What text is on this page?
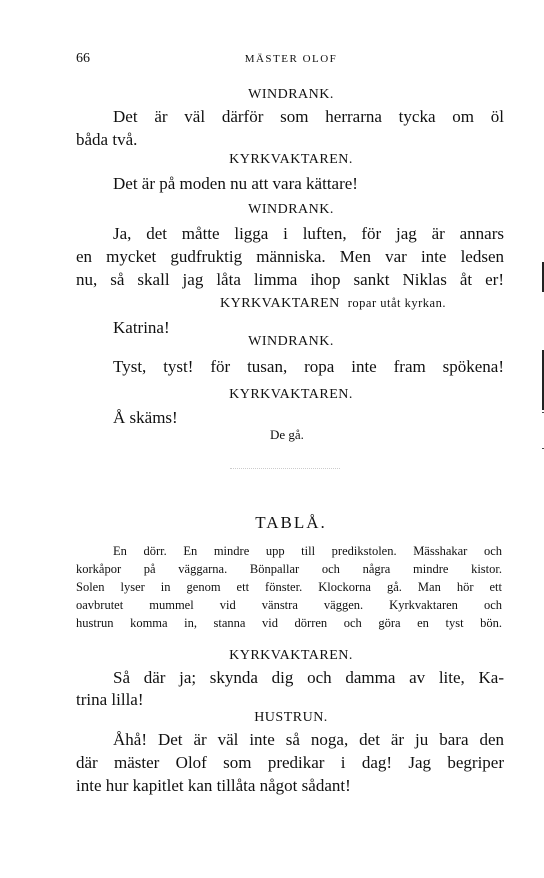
66	MÄSTER OLOF
WINDRANK.
Det är väl därför som herrarna tycka om öl
båda två.
KYRKVAKTAREN.
Det är på moden nu att vara kättare!
WINDRANK.
Ja, det måtte ligga i luften, för jag är annars
en mycket gudfruktig människa. Men var inte ledsen
nu, så skall jag låta limma ihop sankt Niklas åt er!
KYRKVAKTAREN ropar utåt kyrkan.
Katrina!
WINDRANK.
Tyst, tyst! för tusan, ropa inte fram spökena!
KYRKVAKTAREN.
Å skäms!
De gå.
TABLÅ.
En dörr. En mindre upp till predikstolen. Mässhakar och
korkåpor på väggarna. Bönpallar och några mindre kistor.
Solen lyser in genom ett fönster. Klockorna gå. Man hör ett
oavbrutet mummel vid vänstra väggen. Kyrkvaktaren och
hustrun komma in, stanna vid dörren och göra en tyst bön.
KYRKVAKTAREN.
Så där ja; skynda dig och damma av lite, Ka-
trina lilla!
HUSTRUN.
Åhå! Det är väl inte så noga, det är ju bara den
där mäster Olof som predikar i dag! Jag begriper
inte hur kapitlet kan tillåta något sådant!
